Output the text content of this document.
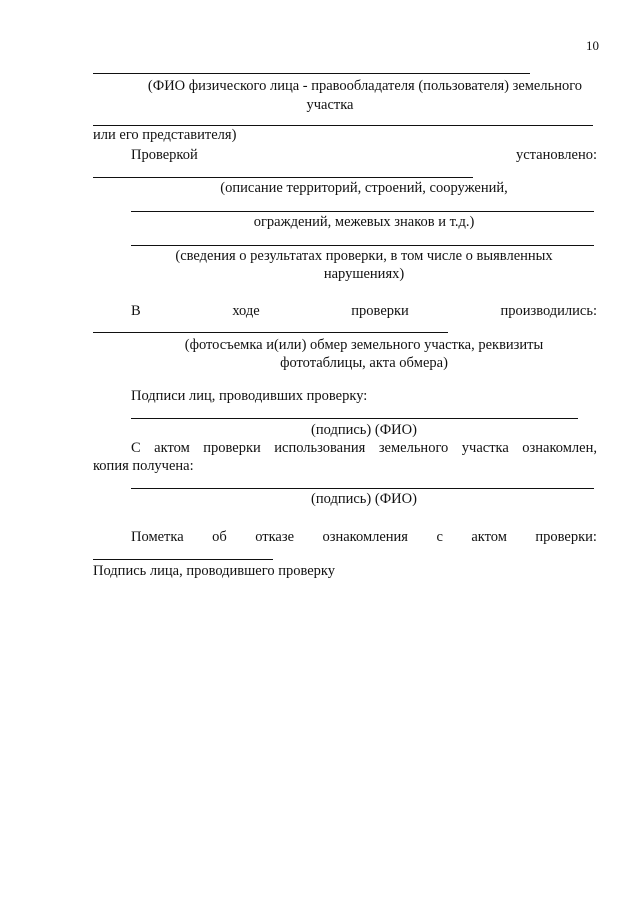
10
(ФИО физического лица - правообладателя (пользователя) земельного
участка
или его представителя)
Проверкой	установлено:
(описание территорий, строений, сооружений,
ограждений, межевых знаков и т.д.)
(сведения о результатах проверки, в том числе о выявленных
нарушениях)
В	ходе	проверки	производились:
(фотосъемка и(или) обмер земельного участка, реквизиты
фототаблицы, акта обмера)
Подписи лиц, проводивших проверку:
(подпись) (ФИО)
С актом проверки использования земельного участка ознакомлен,
копия получена:
(подпись) (ФИО)
Пометка об отказе ознакомления с актом проверки:
Подпись лица, проводившего проверку
